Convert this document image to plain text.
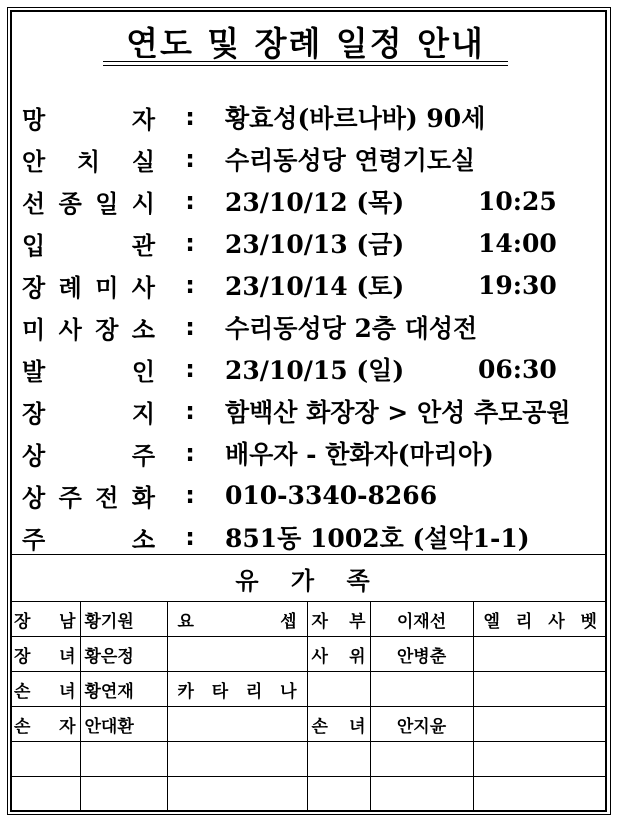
연도 및 장례 일정 안내
망	자	:	황효성(바르나바) 90세
안 치 실	:	수리동성당 연령기도실
선 종 일 시	:	23/10/12 (목)	10:25
입	관	:	23/10/13 (금)	14:00
장 례 미 사	:	23/10/14 (토)	19:30
미 사 장 소	:	수리동성당 2층 대성전
발	인	:	23/10/15 (일)	06:30
장	지	:	함백산 화장장 > 안성 추모공원
상	주	:	배우자 - 한화자(마리아)
상 주 전 화	:	010-3340-8266
주	소	:	851동 1002호 (설악1-1)
유 가 족
장 남	황기원	요 셉	자 부	이재선	엘 리 사 벳

장 녀	황은정		사 위	안병춘	

손 녀	황연재	카 타 리 나			

손 자	안대환		손 녀	안지윤	
